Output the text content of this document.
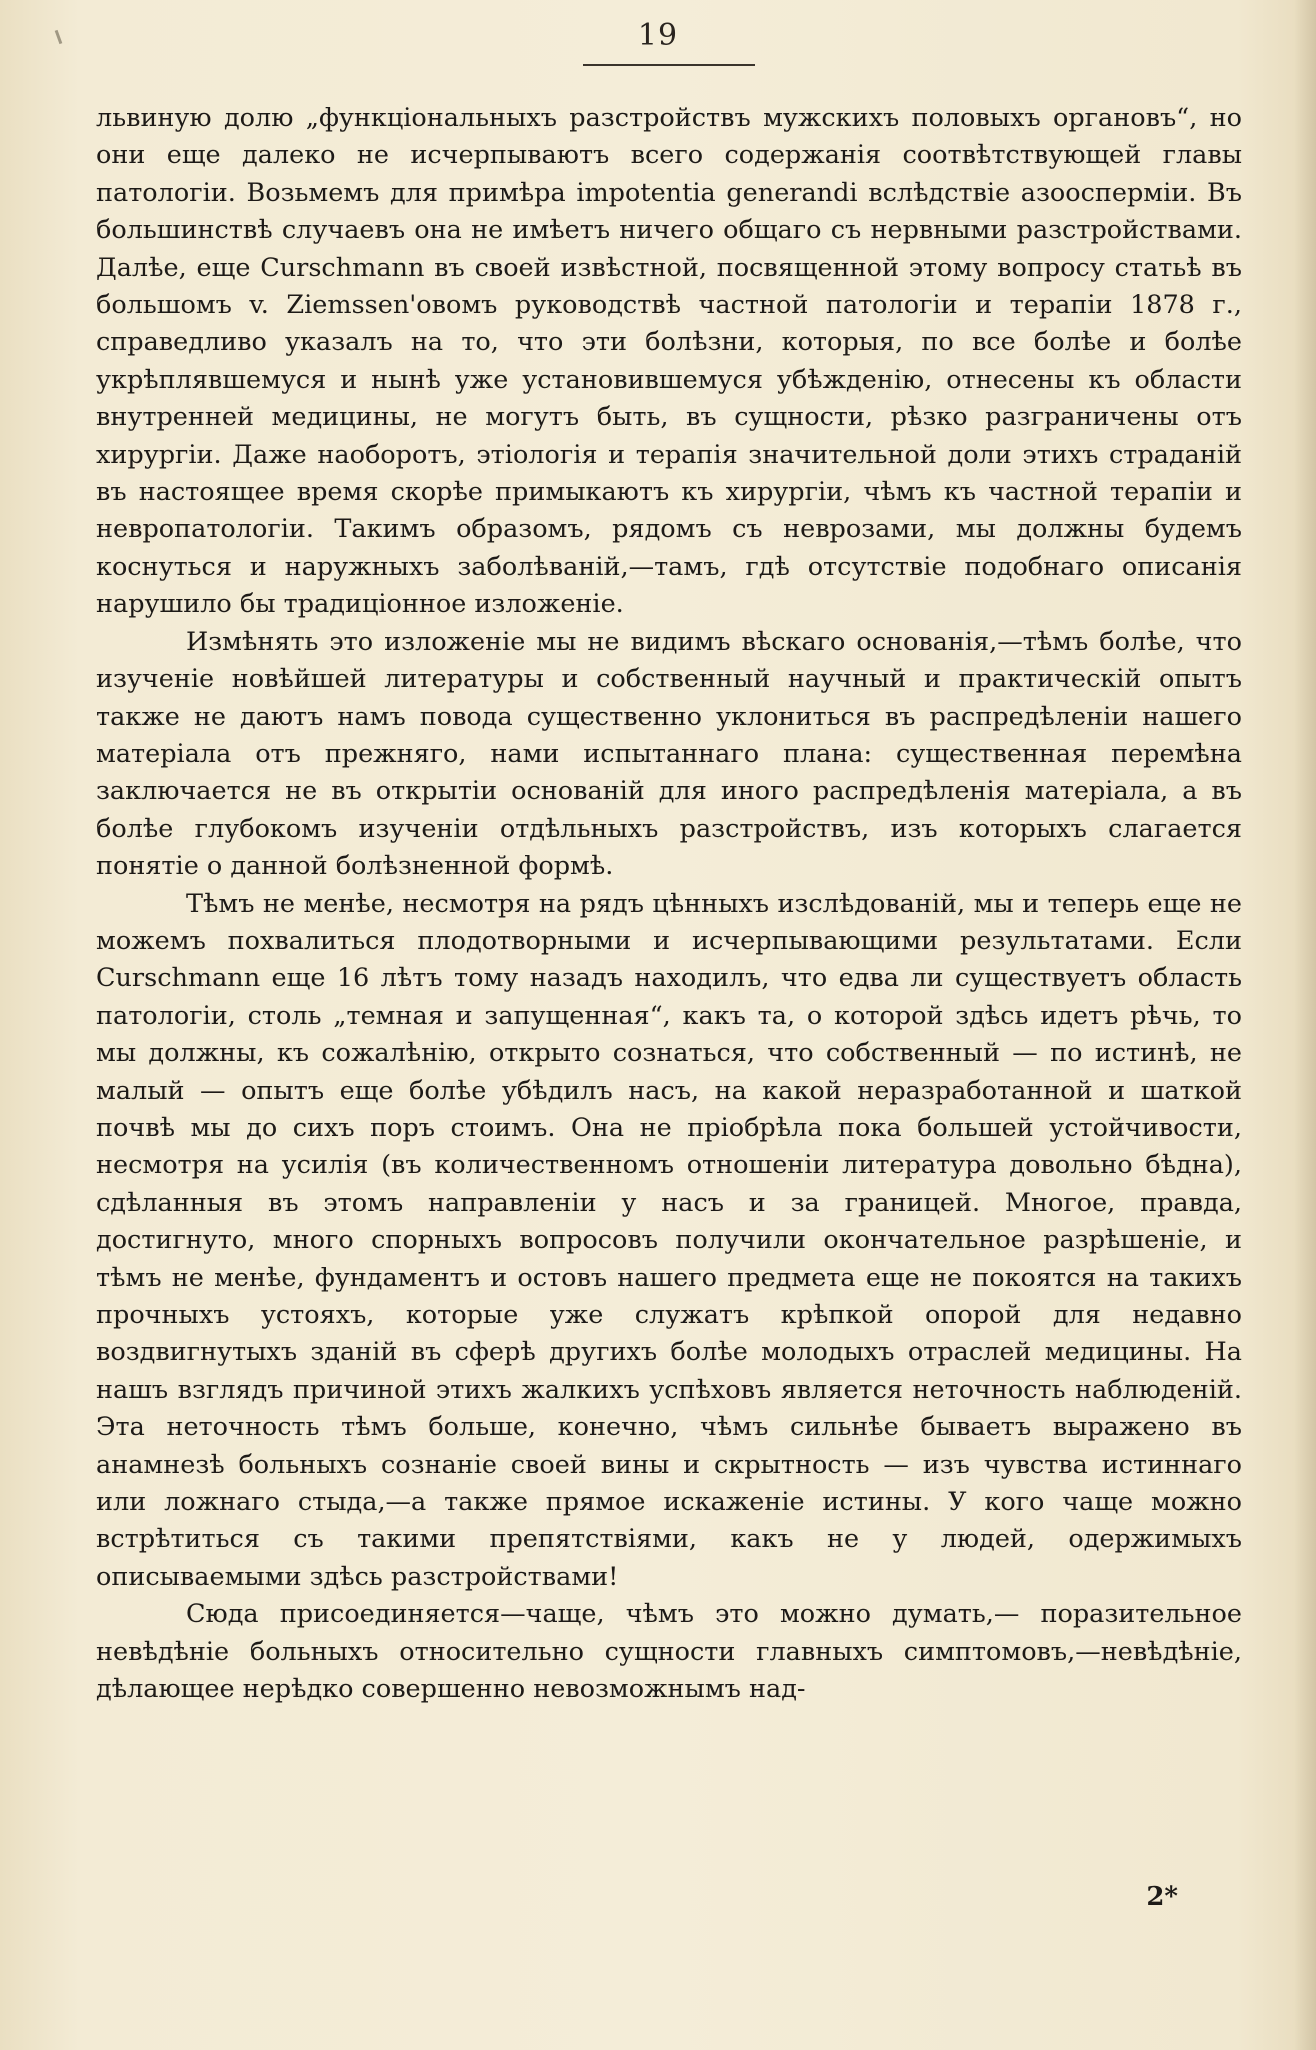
19

львиную долю „функціональныхъ разстройствъ мужскихъ половыхъ органовъ“, но они еще далеко не исчерпываютъ всего содержанія соотвѣтствующей главы патологіи. Возьмемъ для примѣра impotentia generandi вслѣдствіе азооспермiи. Въ большинствѣ случаевъ она не имѣетъ ничего общаго съ нервными разстройствами. Далѣе, еще Curschmann въ своей извѣстной, посвященной этому вопросу статьѣ въ большомъ v. Ziemssen'овомъ руководствѣ частной патологіи и терапіи 1878 г., справедливо указалъ на то, что эти болѣзни, которыя, по все болѣе и болѣе укрѣплявшемуся и нынѣ уже установившемуся убѣжденію, отнесены къ области внутренней медицины, не могутъ быть, въ сущности, рѣзко разграничены отъ хирургіи. Даже наоборотъ, этіологія и терапія значительной доли этихъ страданій въ настоящее время скорѣе примыкаютъ къ хирургіи, чѣмъ къ частной терапіи и невропатологіи. Такимъ образомъ, рядомъ съ неврозами, мы должны будемъ коснуться и наружныхъ заболѣваній,—тамъ, гдѣ отсутствіе подобнаго описанія нарушило бы традиціонное изложеніе.

Измѣнять это изложеніе мы не видимъ вѣскаго основанія,—тѣмъ болѣе, что изученіе новѣйшей литературы и собственный научный и практическій опытъ также не даютъ намъ повода существенно уклониться въ распредѣленіи нашего матеріала отъ прежняго, нами испытаннаго плана: существенная перемѣна заключается не въ открытіи основаній для иного распредѣленія матеріала, а въ болѣе глубокомъ изученіи отдѣльныхъ разстройствъ, изъ которыхъ слагается понятіе о данной болѣзненной формѣ.

Тѣмъ не менѣе, несмотря на рядъ цѣнныхъ изслѣдованій, мы и теперь еще не можемъ похвалиться плодотворными и исчерпывающими результатами. Если Curschmann еще 16 лѣтъ тому назадъ находилъ, что едва ли существуетъ область патологіи, столь „темная и запущенная“, какъ та, о которой здѣсь идетъ рѣчь, то мы должны, къ сожалѣнію, открыто сознаться, что собственный — по истинѣ, не малый — опытъ еще болѣе убѣдилъ насъ, на какой неразработанной и шаткой почвѣ мы до сихъ поръ стоимъ. Она не пріобрѣла пока большей устойчивости, несмотря на усилія (въ количественномъ отношеніи литература довольно бѣдна), сдѣланныя въ этомъ направленіи у насъ и за границей. Многое, правда, достигнуто, много спорныхъ вопросовъ получили окончательное разрѣшеніе, и тѣмъ не менѣе, фундаментъ и остовъ нашего предмета еще не покоятся на такихъ прочныхъ устояхъ, которые уже служатъ крѣпкой опорой для недавно воздвигнутыхъ зданій въ сферѣ другихъ болѣе молодыхъ отраслей медицины. На нашъ взглядъ причиной этихъ жалкихъ успѣховъ является неточность наблюденій. Эта неточность тѣмъ больше, конечно, чѣмъ сильнѣе бываетъ выражено въ анамнезѣ больныхъ сознаніе своей вины и скрытность — изъ чувства истиннаго или ложнаго стыда,—а также прямое искаженіе истины. У кого чаще можно встрѣтиться съ такими препятствіями, какъ не у людей, одержимыхъ описываемыми здѣсь разстройствами!

Сюда присоединяется—чаще, чѣмъ это можно думать,— поразительное невѣдѣніе больныхъ относительно сущности главныхъ симптомовъ,—невѣдѣніе, дѣлающее нерѣдко совершенно невозможнымъ над-

2*
